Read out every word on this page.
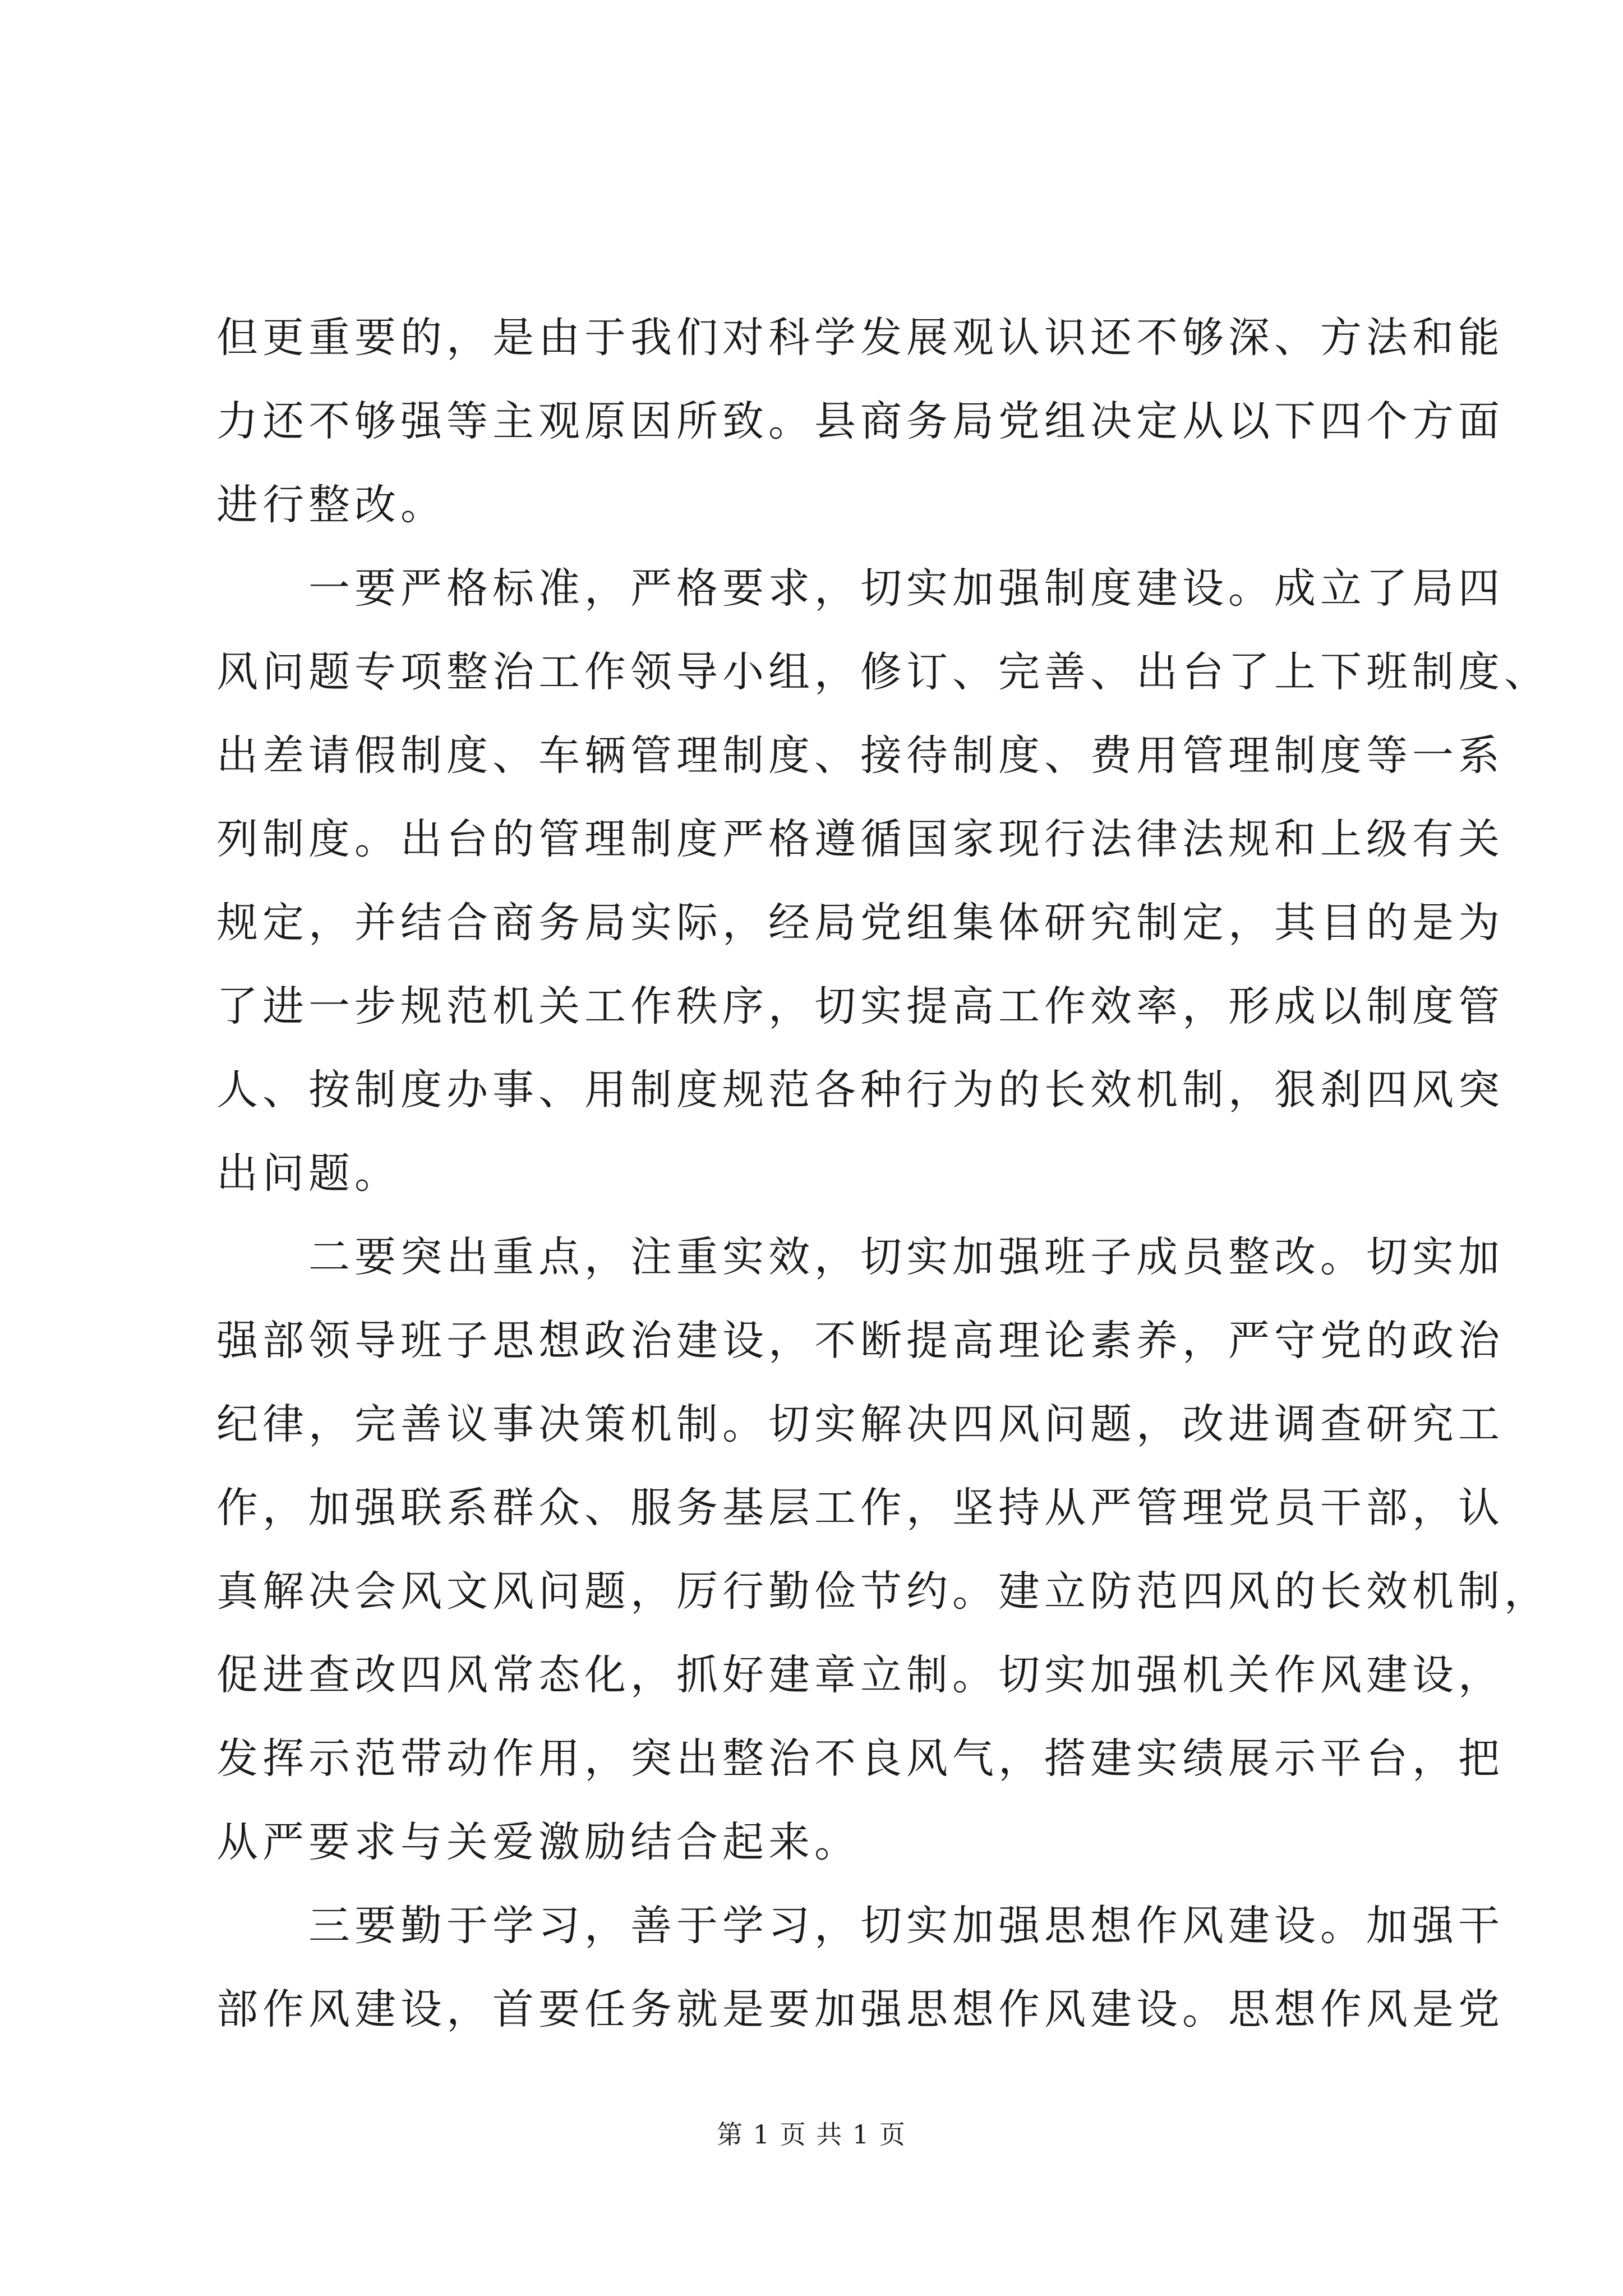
但更重要的，是由于我们对科学发展观认识还不够深、方法和能
力还不够强等主观原因所致。县商务局党组决定从以下四个方面
进行整改。
　　一要严格标准，严格要求，切实加强制度建设。成立了局四
风问题专项整治工作领导小组，修订、完善、出台了上下班制度、
出差请假制度、车辆管理制度、接待制度、费用管理制度等一系
列制度。出台的管理制度严格遵循国家现行法律法规和上级有关
规定，并结合商务局实际，经局党组集体研究制定，其目的是为
了进一步规范机关工作秩序，切实提高工作效率，形成以制度管
人、按制度办事、用制度规范各种行为的长效机制，狠刹四风突
出问题。
　　二要突出重点，注重实效，切实加强班子成员整改。切实加
强部领导班子思想政治建设，不断提高理论素养，严守党的政治
纪律，完善议事决策机制。切实解决四风问题，改进调查研究工
作，加强联系群众、服务基层工作，坚持从严管理党员干部，认
真解决会风文风问题，厉行勤俭节约。建立防范四风的长效机制，
促进查改四风常态化，抓好建章立制。切实加强机关作风建设，
发挥示范带动作用，突出整治不良风气，搭建实绩展示平台，把
从严要求与关爱激励结合起来。
　　三要勤于学习，善于学习，切实加强思想作风建设。加强干
部作风建设，首要任务就是要加强思想作风建设。思想作风是党
第 1 页 共 1 页
